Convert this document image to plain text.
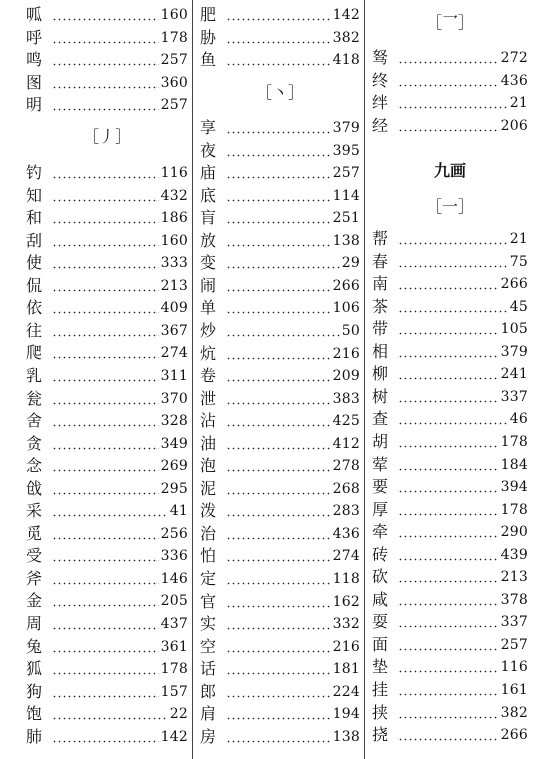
呱	160
呼	178
鸣	257
图	360
明	257
［丿］
钓	116
知	432
和	186
刮	160
使	333
侃	213
依	409
往	367
爬	274
乳	311
瓮	370
舍	328
贪	349
念	269
戗	295
采	41
觅	256
受	336
斧	146
金	205
周	437
兔	361
狐	178
狗	157
饱	22
肺	142
肥	142
胁	382
鱼	418
［丶］
享	379
夜	395
庙	257
底	114
肓	251
放	138
变	29
闹	266
单	106
炒	50
炕	216
卷	209
泄	383
沾	425
油	412
泡	278
泥	268
泼	283
治	436
怕	274
定	118
官	162
实	332
空	216
话	181
郎	224
肩	194
房	138
［乛］
驽	272
终	436
绊	21
经	206
九画
［一］
帮	21
春	75
南	266
茶	45
带	105
相	379
柳	241
树	337
查	46
胡	178
荤	184
要	394
厚	178
牵	290
砖	439
砍	213
咸	378
耍	337
面	257
垫	116
挂	161
挟	382
挠	266
